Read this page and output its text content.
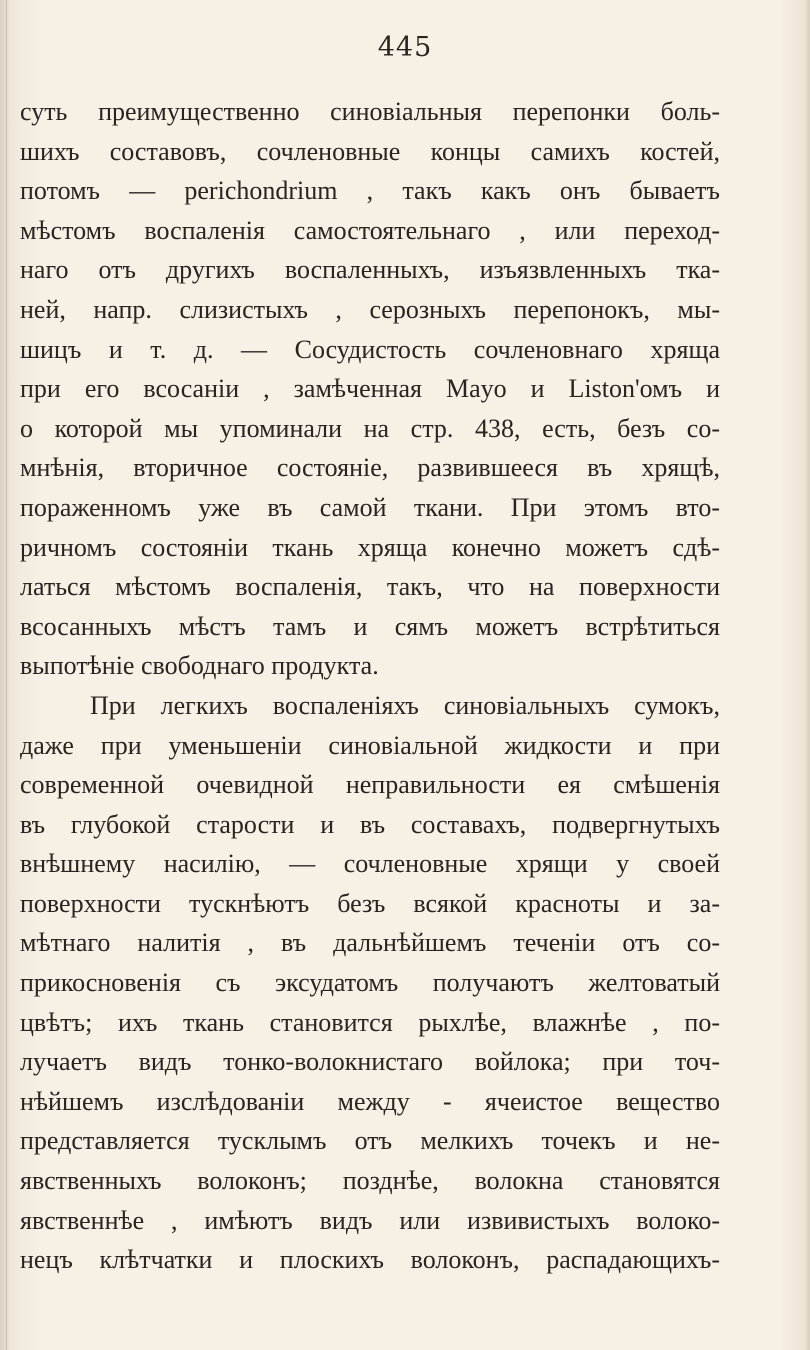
445
суть преимущественно синовіальныя перепонки боль-
шихъ составовъ, сочленовные концы самихъ костей,
потомъ — perichondrium , такъ какъ онъ бываетъ
мѣстомъ воспаленія самостоятельнаго , или переход-
наго отъ другихъ воспаленныхъ, изъязвленныхъ тка-
ней, напр. слизистыхъ , серозныхъ перепонокъ, мы-
шицъ и т. д. — Сосудистость сочленовнаго хряща
при его всосаніи , замѣченная Mayo и Liston'омъ и
о которой мы упоминали на стр. 438, есть, безъ со-
мнѣнія, вторичное состояніе, развившееся въ хрящѣ,
пораженномъ уже въ самой ткани. При этомъ вто-
ричномъ состояніи ткань хряща конечно можетъ сдѣ-
латься мѣстомъ воспаленія, такъ, что на поверхности
всосанныхъ мѣстъ тамъ и сямъ можетъ встрѣтиться
выпотѣніе свободнаго продукта.
При легкихъ воспаленіяхъ синовіальныхъ сумокъ,
даже при уменьшеніи синовіальной жидкости и при
современной очевидной неправильности ея смѣшенія
въ глубокой старости и въ составахъ, подвергнутыхъ
внѣшнему насилію, — сочленовные хрящи у своей
поверхности тускнѣютъ безъ всякой красноты и за-
мѣтнаго налитія , въ дальнѣйшемъ теченіи отъ со-
прикосновенія съ эксудатомъ получаютъ желтоватый
цвѣтъ; ихъ ткань становится рыхлѣе, влажнѣе , по-
лучаетъ видъ тонко-волокнистаго войлока; при точ-
нѣйшемъ изслѣдованіи между - ячеистое вещество
представляется тусклымъ отъ мелкихъ точекъ и не-
явственныхъ волоконъ; позднѣе, волокна становятся
явственнѣе , имѣютъ видъ или извивистыхъ волоко-
нецъ клѣтчатки и плоскихъ волоконъ, распадающихъ-
